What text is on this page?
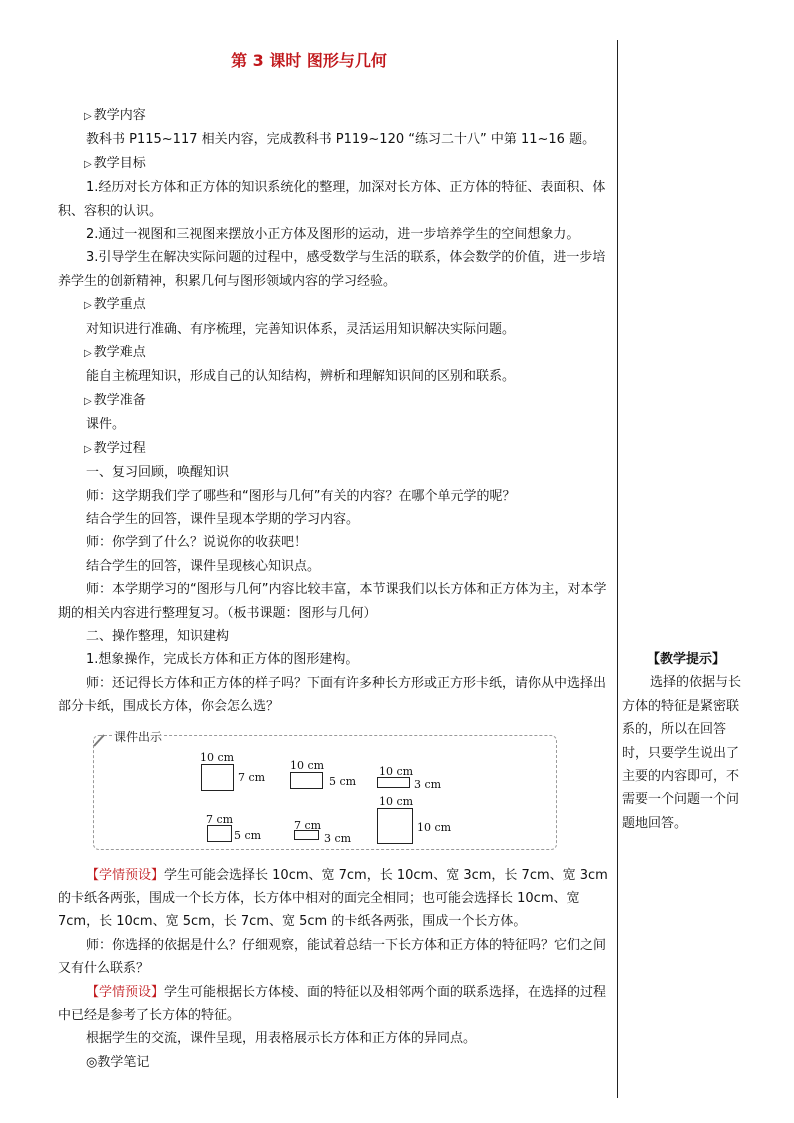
第 3 课时 图形与几何

▷ 教学内容

教科书 P115~117 相关内容，完成教科书 P119~120 “练习二十八” 中第 11~16 题。

▷ 教学目标

1.经历对长方体和正方体的知识系统化的整理，加深对长方体、正方体的特征、表面积、体积、容积的认识。

2.通过一视图和三视图来摆放小正方体及图形的运动，进一步培养学生的空间想象力。

3.引导学生在解决实际问题的过程中，感受数学与生活的联系，体会数学的价值，进一步培养学生的创新精神，积累几何与图形领域内容的学习经验。

▷ 教学重点

对知识进行准确、有序梳理，完善知识体系，灵活运用知识解决实际问题。

▷ 教学难点

能自主梳理知识，形成自己的认知结构，辨析和理解知识间的区别和联系。

▷ 教学准备

课件。

▷ 教学过程

一、复习回顾，唤醒知识

师：这学期我们学了哪些和“图形与几何”有关的内容？在哪个单元学的呢？

结合学生的回答，课件呈现本学期的学习内容。

师：你学到了什么？说说你的收获吧！

结合学生的回答，课件呈现核心知识点。

师：本学期学习的“图形与几何”内容比较丰富，本节课我们以长方体和正方体为主，对本学期的相关内容进行整理复习。（板书课题：图形与几何）

二、操作整理，知识建构

1.想象操作，完成长方体和正方体的图形建构。

师：还记得长方体和正方体的样子吗？下面有许多种长方形或正方形卡纸，请你从中选择出部分卡纸，围成长方体，你会怎么选？

【学情预设】学生可能会选择长 10cm、宽 7cm，长 10cm、宽 3cm，长 7cm、宽 3cm 的卡纸各两张，围成一个长方体，长方体中相对的面完全相同；也可能会选择长 10cm、宽 7cm，长 10cm、宽 5cm，长 7cm、宽 5cm 的卡纸各两张，围成一个长方体。

师：你选择的依据是什么？仔细观察，能试着总结一下长方体和正方体的特征吗？它们之间又有什么联系？

【学情预设】学生可能根据长方体棱、面的特征以及相邻两个面的联系选择，在选择的过程中已经是参考了长方体的特征。

根据学生的交流，课件呈现，用表格展示长方体和正方体的异同点。

◎教学笔记

课件出示
10 cm
7 cm
10 cm
5 cm
10 cm
3 cm
7 cm
5 cm
7 cm
3 cm
10 cm
10 cm

【教学提示】

选择的依据与长方体的特征是紧密联系的，所以在回答时，只要学生说出了主要的内容即可，不需要一个问题一个问题地回答。
